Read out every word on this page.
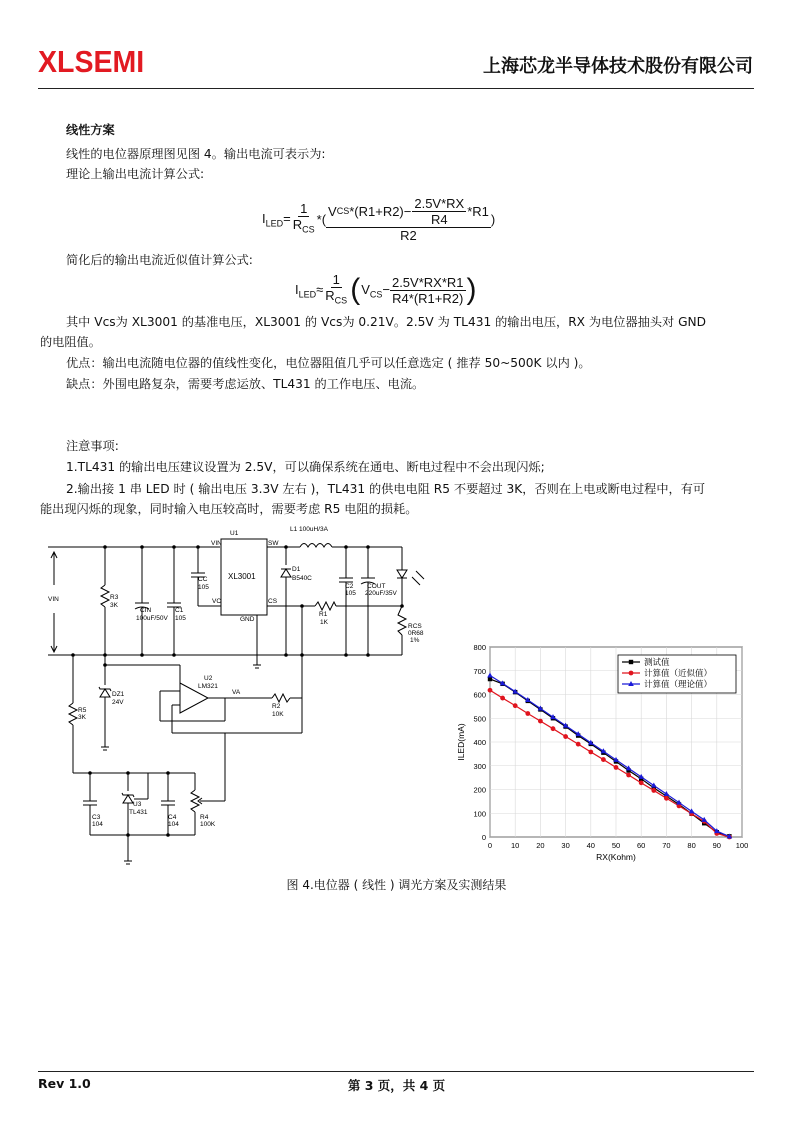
XLSEMI	上海芯龙半导体技术股份有限公司
线性方案
线性的电位器原理图见图 4。输出电流可表示为:
理论上输出电流计算公式:
$I_{LED}= \frac{1}{R_{CS}}$ *(
V CS $*(R1+R2)- \frac{2.5V*RX}{R4} *R1$
R2
)
简化后的输出电流近似值计算公式:
$I_{LED}\approx \frac{1}{R_{CS}}$ ( $V_{CS}- \frac{2.5V*RX*R1}{R4*(R1+R2)}$ )
其中 Vcs为 XL3001 的基准电压，XL3001 的 Vcs为 0.21V。2.5V 为 TL431 的输出电压，RX 为电位器抽头对 GND
的电阻值。
优点：输出电流随电位器的值线性变化，电位器阻值几乎可以任意选定 ( 推荐 50~500K 以内 )。
缺点：外围电路复杂，需要考虑运放、TL431 的工作电压、电流。
注意事项:
1.TL431 的输出电压建议设置为 2.5V，可以确保系统在通电、断电过程中不会出现闪烁;
2.输出接 1 串 LED 时 ( 输出电压 3.3V 左右 )，TL431 的供电电阻 R5 不要超过 3K，否则在上电或断电过程中，有可
能出现闪烁的现象，同时输入电压较高时，需要考虑 R5 电阻的损耗。
VIN
U1
XL3001
VIN	SW
VC	CS
GND
L1 100uH/3A
D1
B540C
R3
3K
CIN
100uF/50V
C1
105
CC
105
R1
1K
C2
105
COUT
220uF/35V
RCS
0R68
1%
DZ1
24V
U2
LM321
VA
R2
10K
R5
3K
C3
104
U3
TL431
C4
104
R4
100K
0	10 20 30 40 50 60 70 80 90 100
0
100
200
300
400
500
600
700
800
RX(Kohm)
ILED(mA)
测试值
计算值（近似值）
计算值（理论值）
图 4.电位器 ( 线性 ) 调光方案及实测结果
Rev 1.0	第 3 页，共 4 页
